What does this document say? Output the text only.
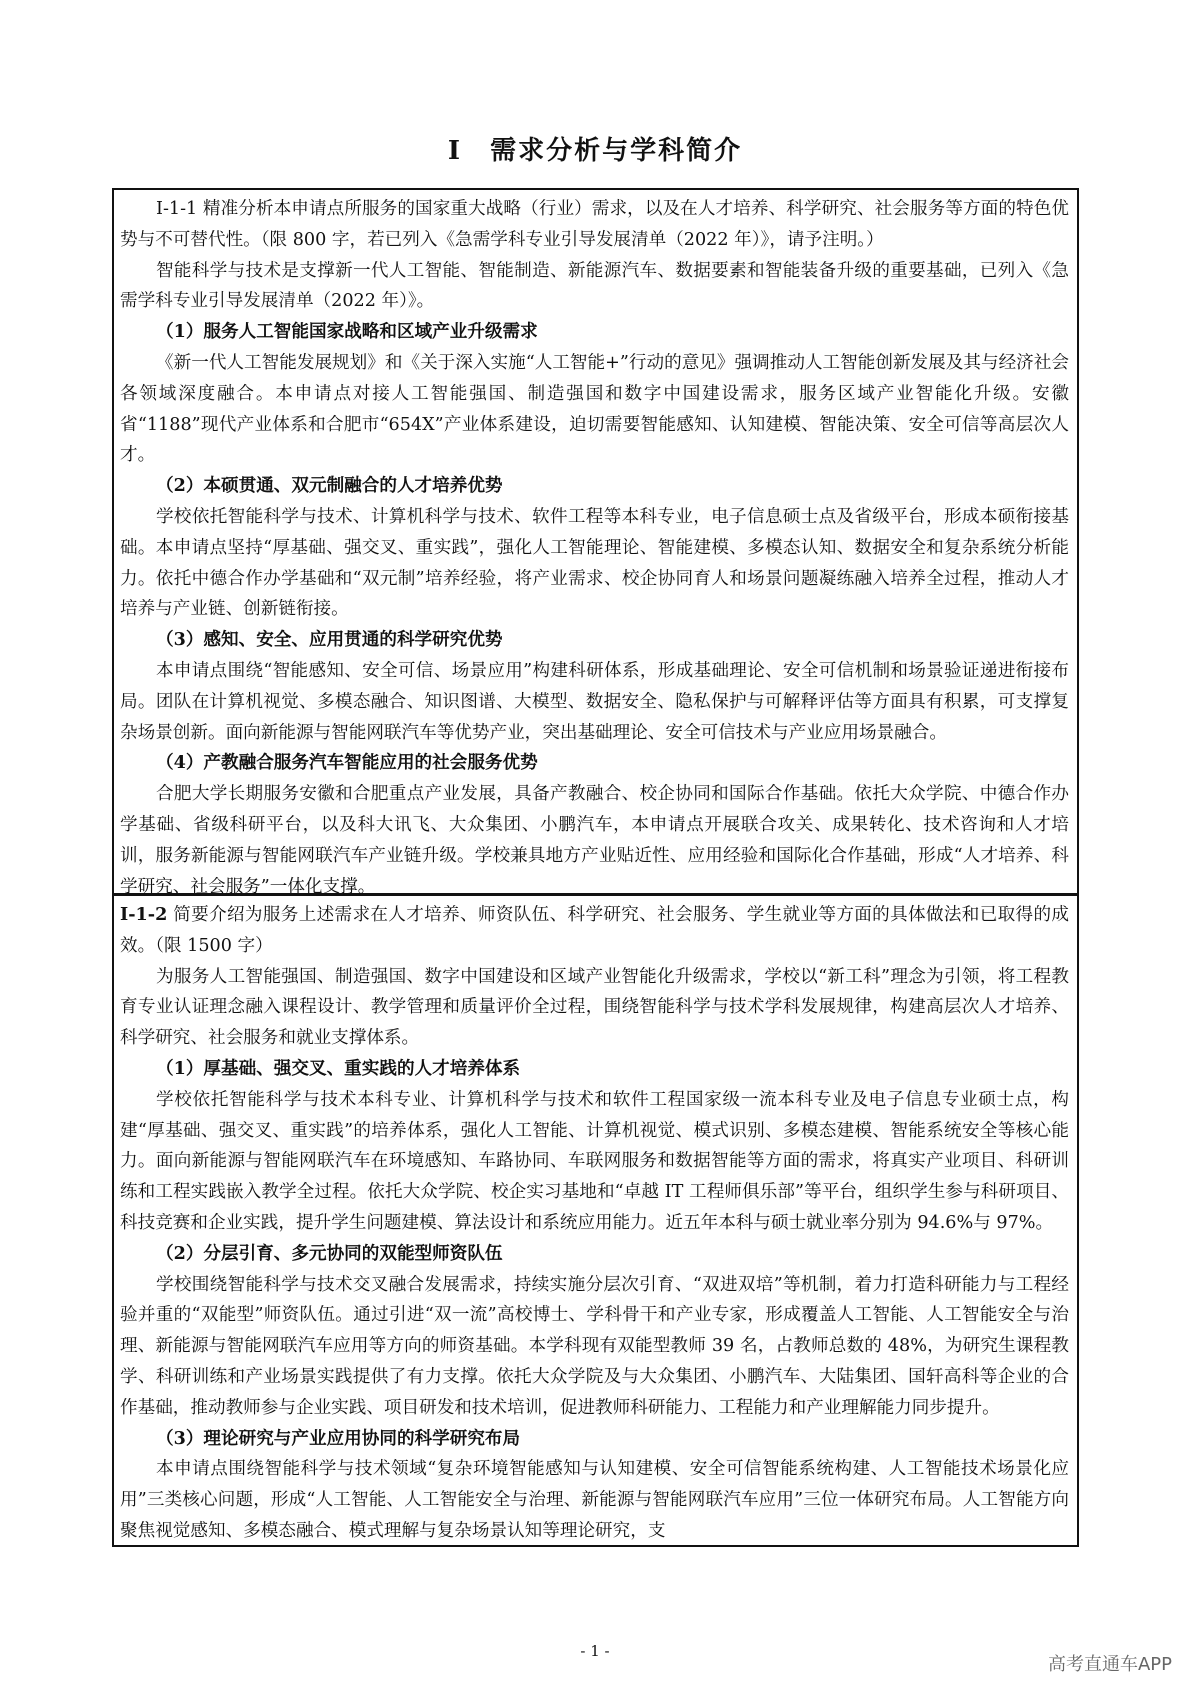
I　需求分析与学科简介

I-1-1 精准分析本申请点所服务的国家重大战略（行业）需求，以及在人才培养、科学研究、社会服务等方面的特色优势与不可替代性。（限 800 字，若已列入《急需学科专业引导发展清单（2022 年）》，请予注明。）

智能科学与技术是支撑新一代人工智能、智能制造、新能源汽车、数据要素和智能装备升级的重要基础，已列入《急需学科专业引导发展清单（2022 年）》。

（1）服务人工智能国家战略和区域产业升级需求

《新一代人工智能发展规划》和《关于深入实施“人工智能+”行动的意见》强调推动人工智能创新发展及其与经济社会各领域深度融合。本申请点对接人工智能强国、制造强国和数字中国建设需求，服务区域产业智能化升级。安徽省“1188”现代产业体系和合肥市“654X”产业体系建设，迫切需要智能感知、认知建模、智能决策、安全可信等高层次人才。

（2）本硕贯通、双元制融合的人才培养优势

学校依托智能科学与技术、计算机科学与技术、软件工程等本科专业，电子信息硕士点及省级平台，形成本硕衔接基础。本申请点坚持“厚基础、强交叉、重实践”，强化人工智能理论、智能建模、多模态认知、数据安全和复杂系统分析能力。依托中德合作办学基础和“双元制”培养经验，将产业需求、校企协同育人和场景问题凝练融入培养全过程，推动人才培养与产业链、创新链衔接。

（3）感知、安全、应用贯通的科学研究优势

本申请点围绕“智能感知、安全可信、场景应用”构建科研体系，形成基础理论、安全可信机制和场景验证递进衔接布局。团队在计算机视觉、多模态融合、知识图谱、大模型、数据安全、隐私保护与可解释评估等方面具有积累，可支撑复杂场景创新。面向新能源与智能网联汽车等优势产业，突出基础理论、安全可信技术与产业应用场景融合。

（4）产教融合服务汽车智能应用的社会服务优势

合肥大学长期服务安徽和合肥重点产业发展，具备产教融合、校企协同和国际合作基础。依托大众学院、中德合作办学基础、省级科研平台，以及科大讯飞、大众集团、小鹏汽车，本申请点开展联合攻关、成果转化、技术咨询和人才培训，服务新能源与智能网联汽车产业链升级。学校兼具地方产业贴近性、应用经验和国际化合作基础，形成“人才培养、科学研究、社会服务”一体化支撑。

I-1-2 简要介绍为服务上述需求在人才培养、师资队伍、科学研究、社会服务、学生就业等方面的具体做法和已取得的成效。（限 1500 字）

为服务人工智能强国、制造强国、数字中国建设和区域产业智能化升级需求，学校以“新工科”理念为引领，将工程教育专业认证理念融入课程设计、教学管理和质量评价全过程，围绕智能科学与技术学科发展规律，构建高层次人才培养、科学研究、社会服务和就业支撑体系。

（1）厚基础、强交叉、重实践的人才培养体系

学校依托智能科学与技术本科专业、计算机科学与技术和软件工程国家级一流本科专业及电子信息专业硕士点，构建“厚基础、强交叉、重实践”的培养体系，强化人工智能、计算机视觉、模式识别、多模态建模、智能系统安全等核心能力。面向新能源与智能网联汽车在环境感知、车路协同、车联网服务和数据智能等方面的需求，将真实产业项目、科研训练和工程实践嵌入教学全过程。依托大众学院、校企实习基地和“卓越 IT 工程师俱乐部”等平台，组织学生参与科研项目、科技竞赛和企业实践，提升学生问题建模、算法设计和系统应用能力。近五年本科与硕士就业率分别为 94.6%与 97%。

（2）分层引育、多元协同的双能型师资队伍

学校围绕智能科学与技术交叉融合发展需求，持续实施分层次引育、“双进双培”等机制，着力打造科研能力与工程经验并重的“双能型”师资队伍。通过引进“双一流”高校博士、学科骨干和产业专家，形成覆盖人工智能、人工智能安全与治理、新能源与智能网联汽车应用等方向的师资基础。本学科现有双能型教师 39 名，占教师总数的 48%，为研究生课程教学、科研训练和产业场景实践提供了有力支撑。依托大众学院及与大众集团、小鹏汽车、大陆集团、国轩高科等企业的合作基础，推动教师参与企业实践、项目研发和技术培训，促进教师科研能力、工程能力和产业理解能力同步提升。

（3）理论研究与产业应用协同的科学研究布局

本申请点围绕智能科学与技术领域“复杂环境智能感知与认知建模、安全可信智能系统构建、人工智能技术场景化应用”三类核心问题，形成“人工智能、人工智能安全与治理、新能源与智能网联汽车应用”三位一体研究布局。人工智能方向聚焦视觉感知、多模态融合、模式理解与复杂场景认知等理论研究，支

- 1 -
高考直通车APP
